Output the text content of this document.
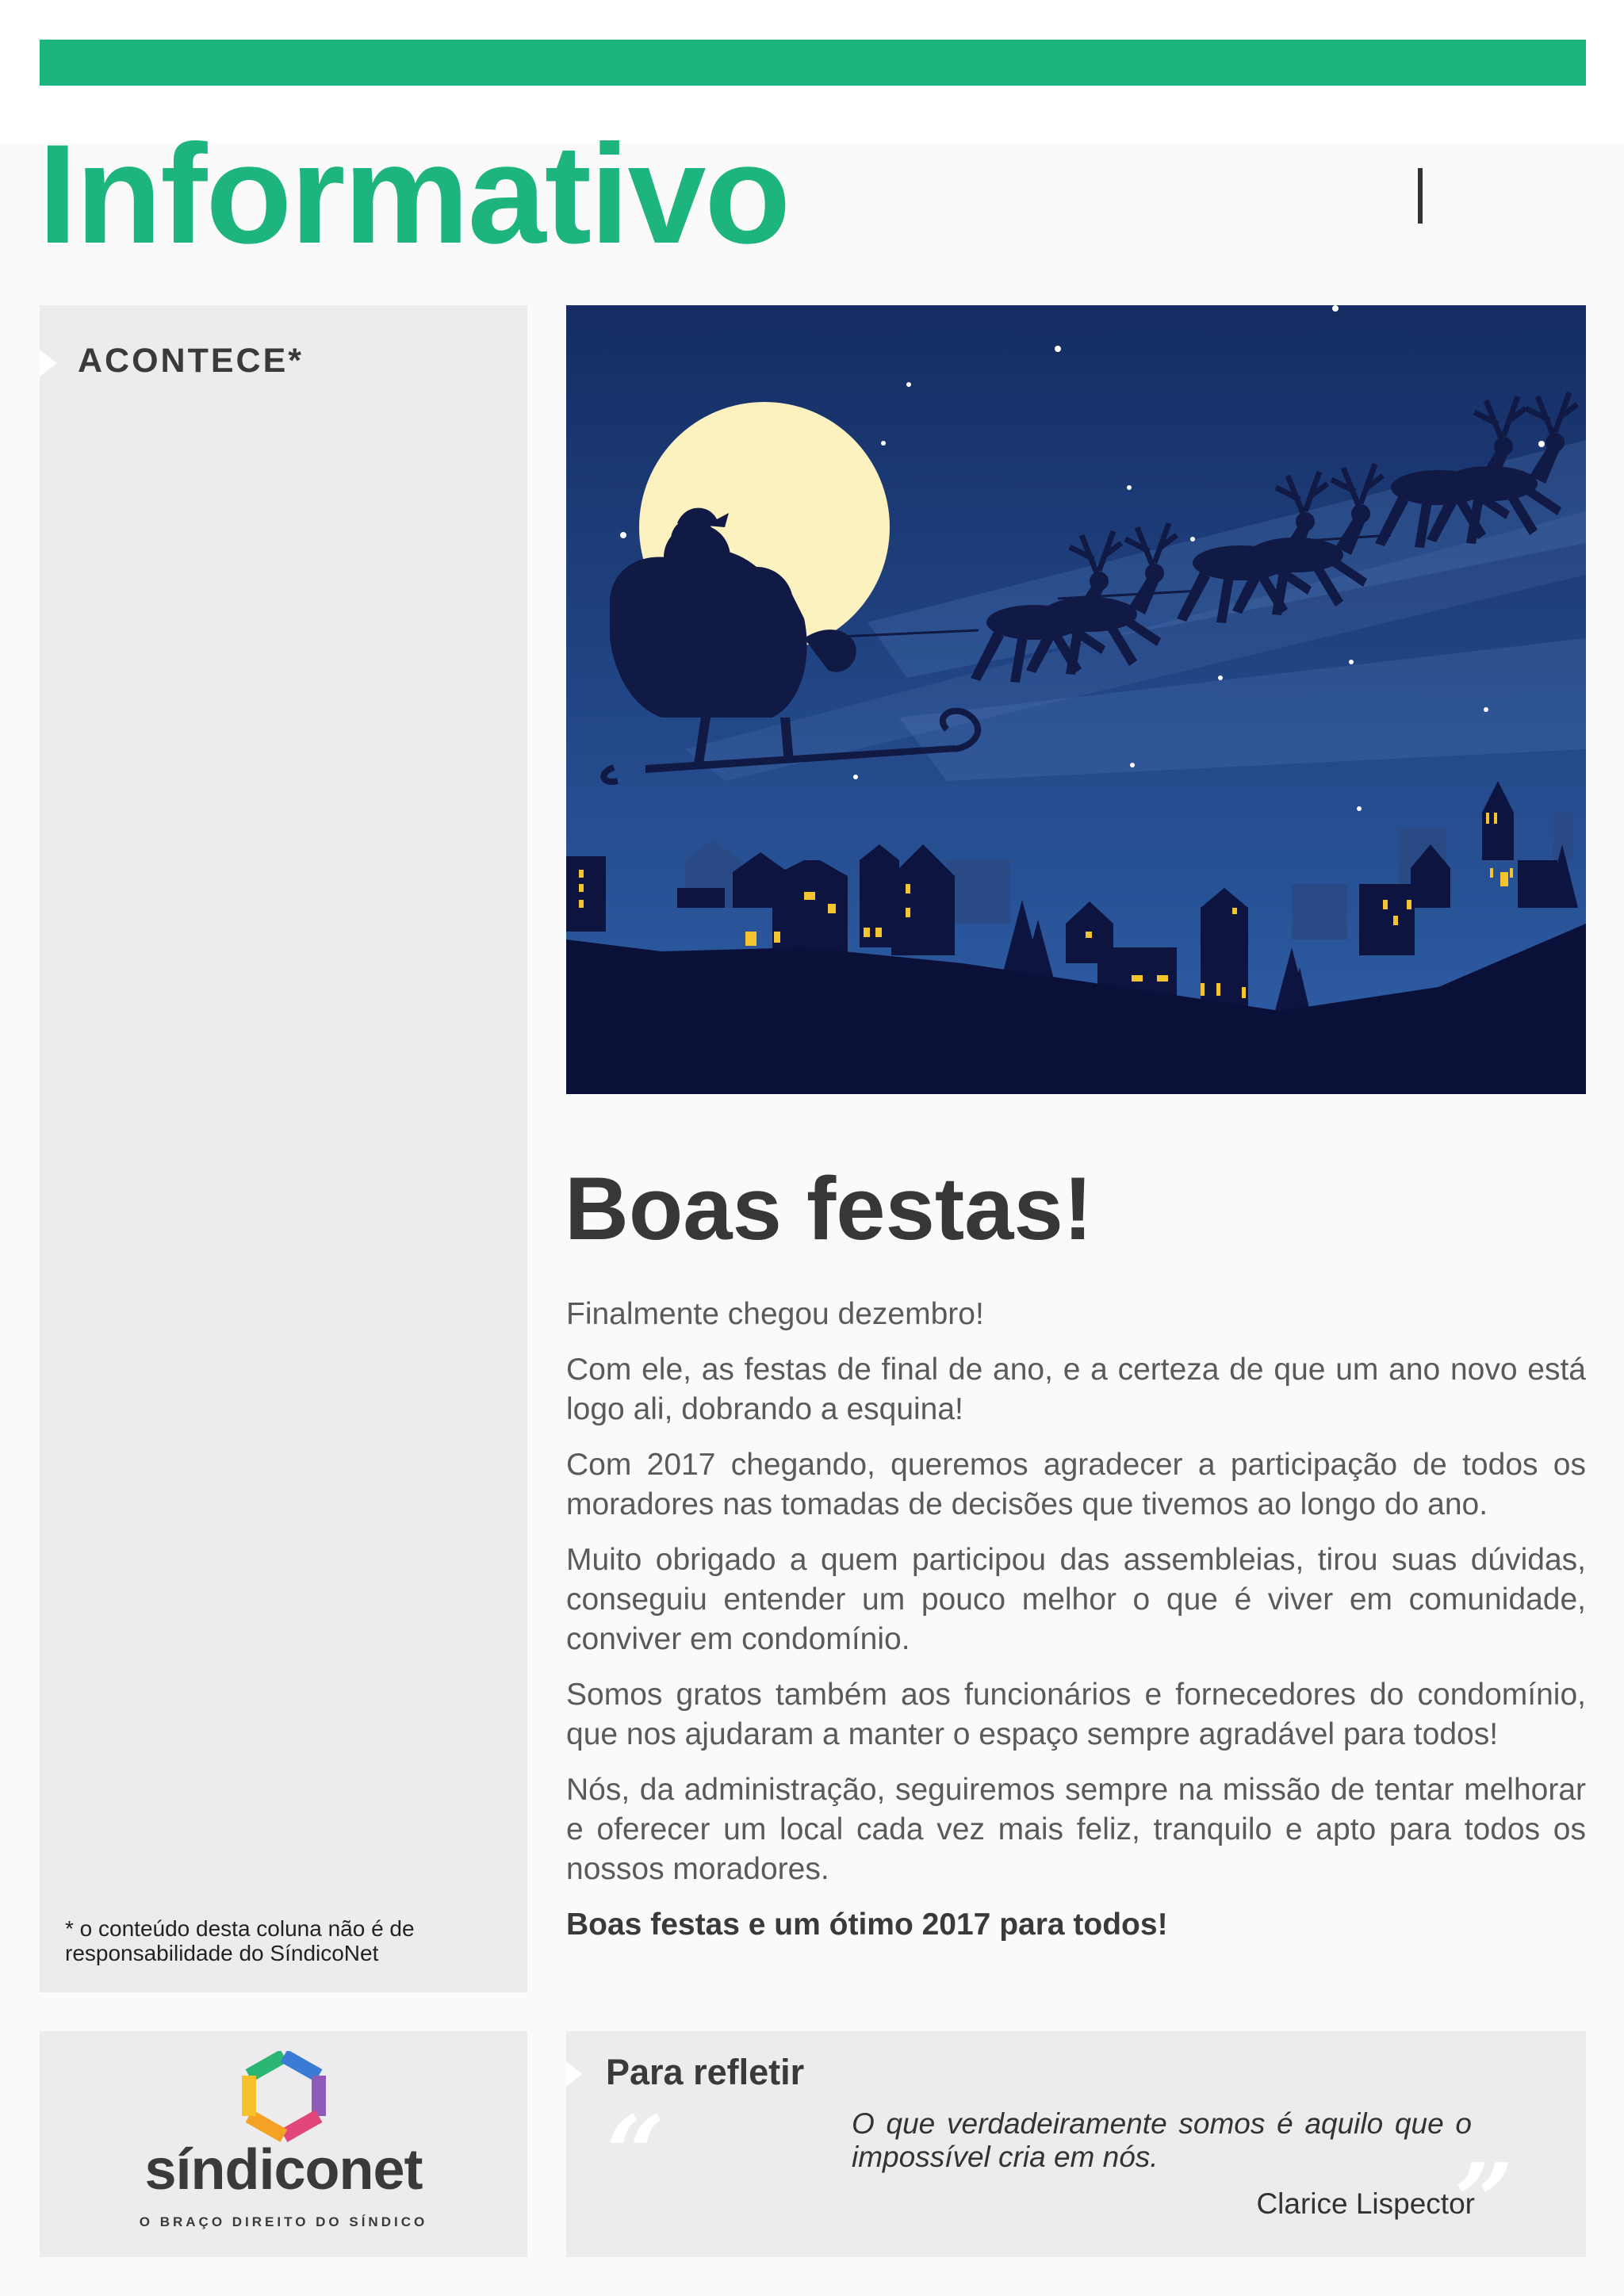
Informativo
ACONTECE*

* o conteúdo desta coluna não é de responsabilidade do SíndicoNet

Boas festas!

Finalmente chegou dezembro!

Com ele, as festas de final de ano, e a certeza de que um ano novo está logo ali, dobrando a esquina!

Com 2017 chegando, queremos agradecer a participação de todos os moradores nas tomadas de decisões que tivemos ao longo do ano.

Muito obrigado a quem participou das assembleias, tirou suas dúvidas, conseguiu entender um pouco melhor o que é viver em comunidade, conviver em condomínio.

Somos gratos também aos funcionários e fornecedores do condomínio, que nos ajudaram a manter o espaço sempre agradável para todos!

Nós, da administração, seguiremos sempre na missão de tentar melhorar e oferecer um local cada vez mais feliz, tranquilo e apto para todos os nossos moradores.

Boas festas e um ótimo 2017 para todos!

síndiconet

O BRAÇO DIREITO DO SÍNDICO

Para refletir
“	O que verdadeiramente somos é aquilo que o impossível cria em nós.

Clarice Lispector

”
